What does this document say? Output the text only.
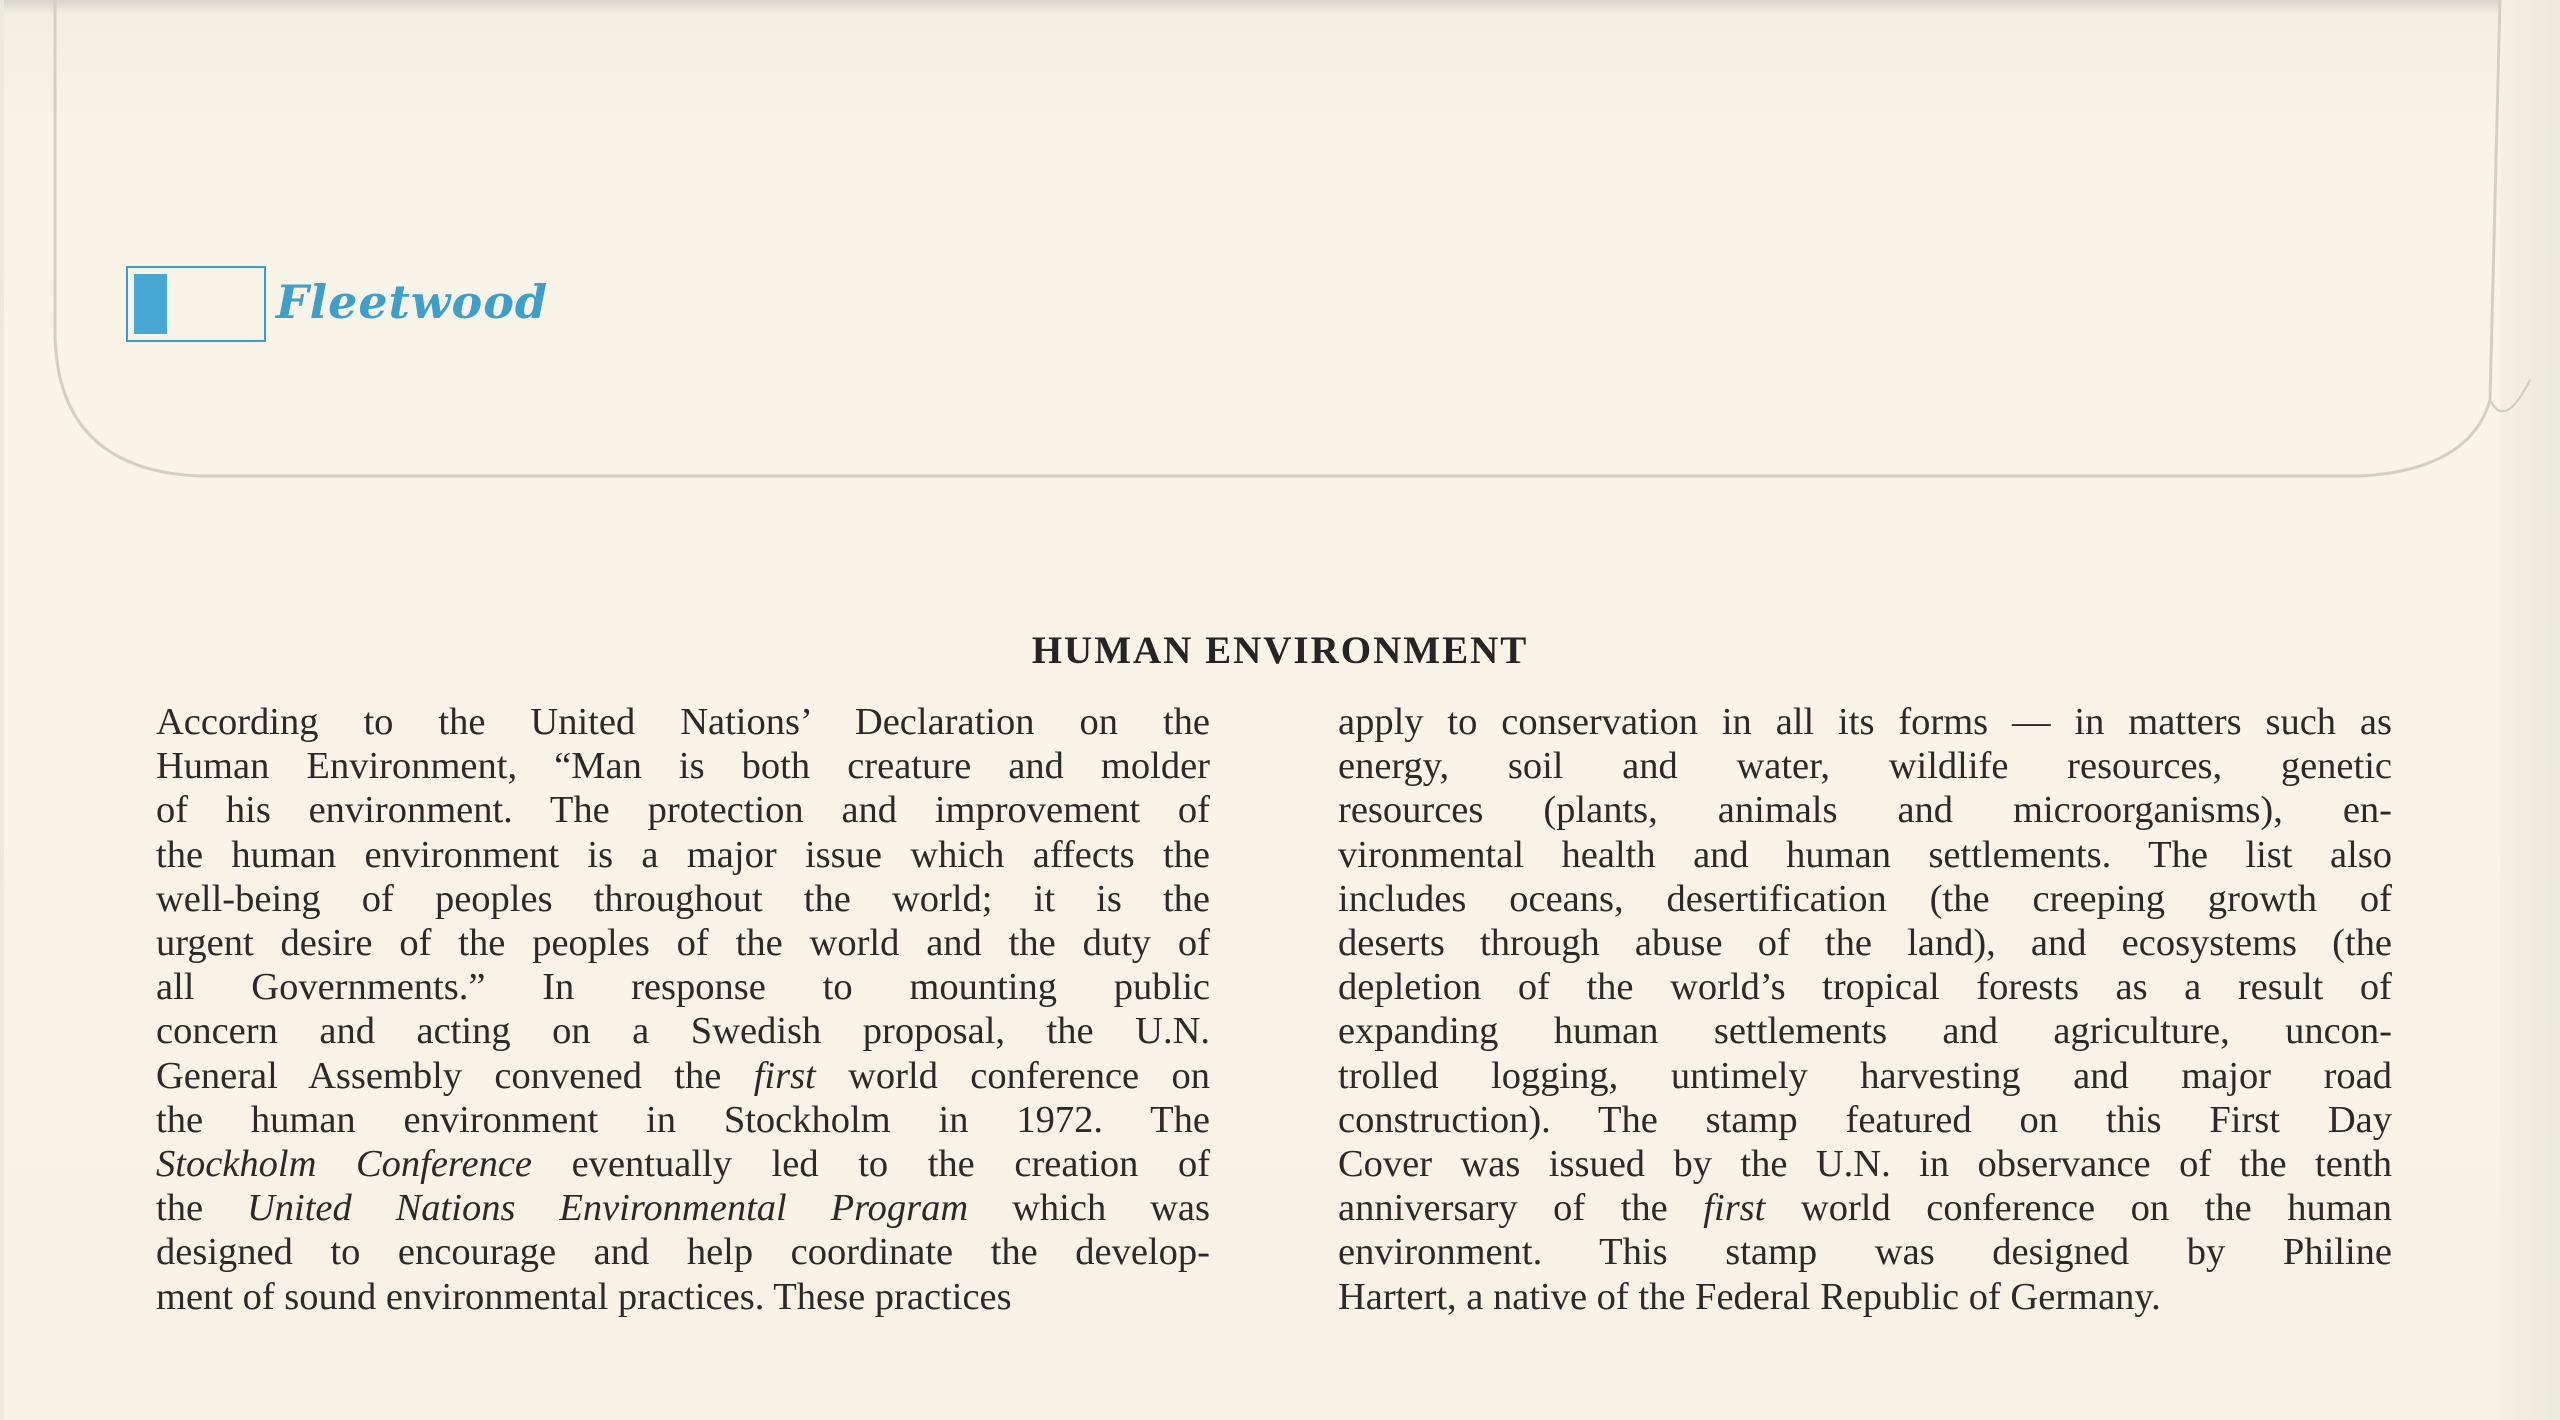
Fleetwood
HUMAN ENVIRONMENT
According to the United Nations’ Declaration on the
Human Environment, “Man is both creature and molder
of his environment. The protection and improvement of
the human environment is a major issue which affects the
well-being of peoples throughout the world; it is the
urgent desire of the peoples of the world and the duty of
all Governments.” In response to mounting public
concern and acting on a Swedish proposal, the U.N.
General Assembly convened the first world conference on
the human environment in Stockholm in 1972. The
Stockholm Conference eventually led to the creation of
the United Nations Environmental Program which was
designed to encourage and help coordinate the develop-
ment of sound environmental practices. These practices
apply to conservation in all its forms — in matters such as
energy, soil and water, wildlife resources, genetic
resources (plants, animals and microorganisms), en-
vironmental health and human settlements. The list also
includes oceans, desertification (the creeping growth of
deserts through abuse of the land), and ecosystems (the
depletion of the world’s tropical forests as a result of
expanding human settlements and agriculture, uncon-
trolled logging, untimely harvesting and major road
construction). The stamp featured on this First Day
Cover was issued by the U.N. in observance of the tenth
anniversary of the first world conference on the human
environment. This stamp was designed by Philine
Hartert, a native of the Federal Republic of Germany.
